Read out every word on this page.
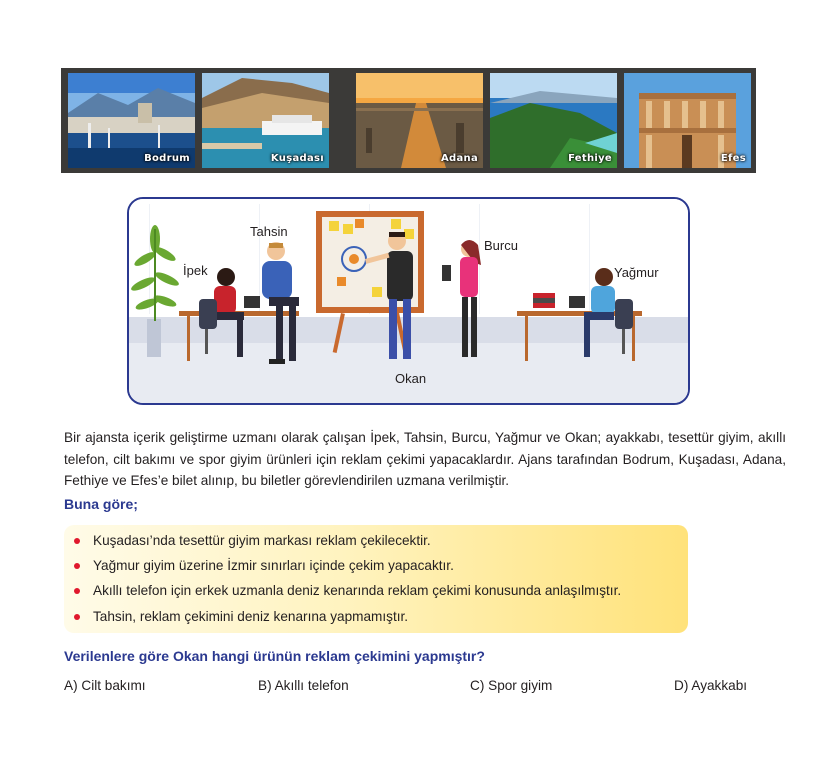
Bodrum	Kuşadası	Adana	Fethiye	Efes
İpek
Tahsin
Burcu
Yağmur
Okan

Bir ajansta içerik geliştirme uzmanı olarak çalışan İpek, Tahsin, Burcu, Yağmur ve Okan; ayakkabı, tesettür giyim, akıllı telefon, cilt bakımı ve spor giyim ürünleri için reklam çekimi yapacaklardır. Ajans tarafından Bodrum, Kuşadası, Adana, Fethiye ve Efes’e bilet alınıp, bu biletler görevlendirilen uzmana verilmiştir.

Buna göre;
Kuşadası’nda tesettür giyim markası reklam çekilecektir.
Yağmur giyim üzerine İzmir sınırları içinde çekim yapacaktır.
Akıllı telefon için erkek uzmanla deniz kenarında reklam çekimi konusunda anlaşılmıştır.
Tahsin, reklam çekimini deniz kenarına yapmamıştır.
Verilenlere göre Okan hangi ürünün reklam çekimini yapmıştır?
A) Cilt bakımı	B) Akıllı telefon	C) Spor giyim	D) Ayakkabı
